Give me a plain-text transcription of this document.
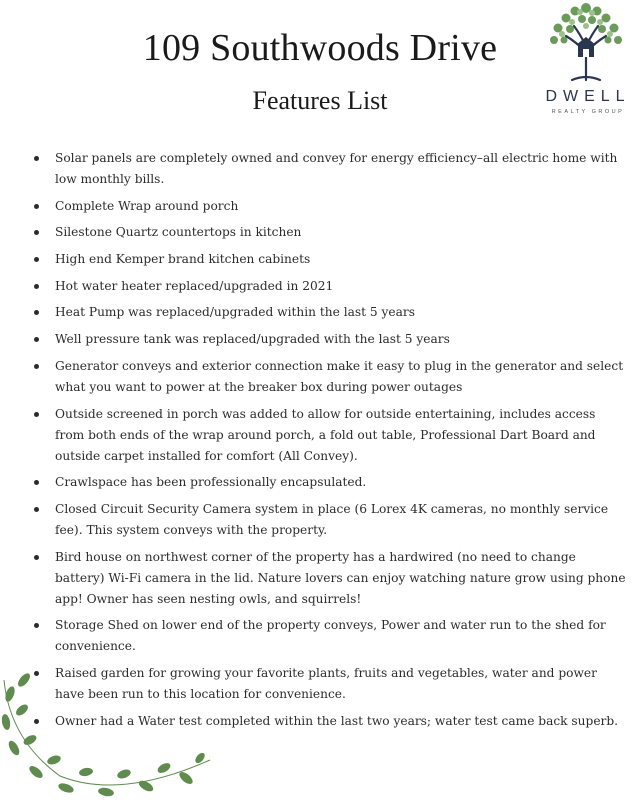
109 Southwoods Drive
Features List	DWELL
REALTY GROUP
Solar panels are completely owned and convey for energy efficiency–all electric home with low monthly bills.
Complete Wrap around porch
Silestone Quartz countertops in kitchen
High end Kemper brand kitchen cabinets
Hot water heater replaced/upgraded in 2021
Heat Pump was replaced/upgraded within the last 5 years
Well pressure tank was replaced/upgraded with the last 5 years
Generator conveys and exterior connection make it easy to plug in the generator and select what you want to power at the breaker box during power outages
Outside screened in porch was added to allow for outside entertaining, includes access from both ends of the wrap around porch, a fold out table, Professional Dart Board and outside carpet installed for comfort (All Convey).
Crawlspace has been professionally encapsulated.
Closed Circuit Security Camera system in place (6 Lorex 4K cameras, no monthly service fee). This system conveys with the property.
Bird house on northwest corner of the property has a hardwired (no need to change battery) Wi-Fi camera in the lid. Nature lovers can enjoy watching nature grow using phone app! Owner has seen nesting owls, and squirrels!
Storage Shed on lower end of the property conveys, Power and water run to the shed for convenience.
Raised garden for growing your favorite plants, fruits and vegetables, water and power have been run to this location for convenience.
Owner had a Water test completed within the last two years; water test came back superb.
